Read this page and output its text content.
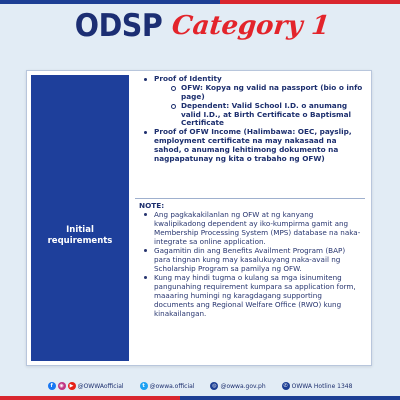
ODSP Category 1
Initial requirements
Proof of Identity
OFW: Kopya ng valid na passport (bio o info page)
Dependent: Valid School I.D. o anumang valid I.D., at Birth Certificate o Baptismal Certificate
Proof of OFW Income (Halimbawa: OEC, payslip, employment certificate na may nakasaad na sahod, o anumang lehitimong dokumento na nagpapatunay ng kita o trabaho ng OFW)
NOTE:
Ang pagkakakilanlan ng OFW at ng kanyang kwalipikadong dependent ay iko-kumpirma gamit ang Membership Processing System (MPS) database na naka-integrate sa online application.
Gagamitin din ang Benefits Availment Program (BAP) para tingnan kung may kasalukuyang naka-avail ng Scholarship Program sa pamilya ng OFW.
Kung may hindi tugma o kulang sa mga isinumiteng pangunahing requirement kumpara sa application form, maaaring humingi ng karagdagang supporting documents ang Regional Welfare Office (RWO) kung kinakailangan.
f	◉	▶ @OWWAofficial	t @owwa.official	◎ @owwa.gov.ph	✆ OWWA Hotline 1348
